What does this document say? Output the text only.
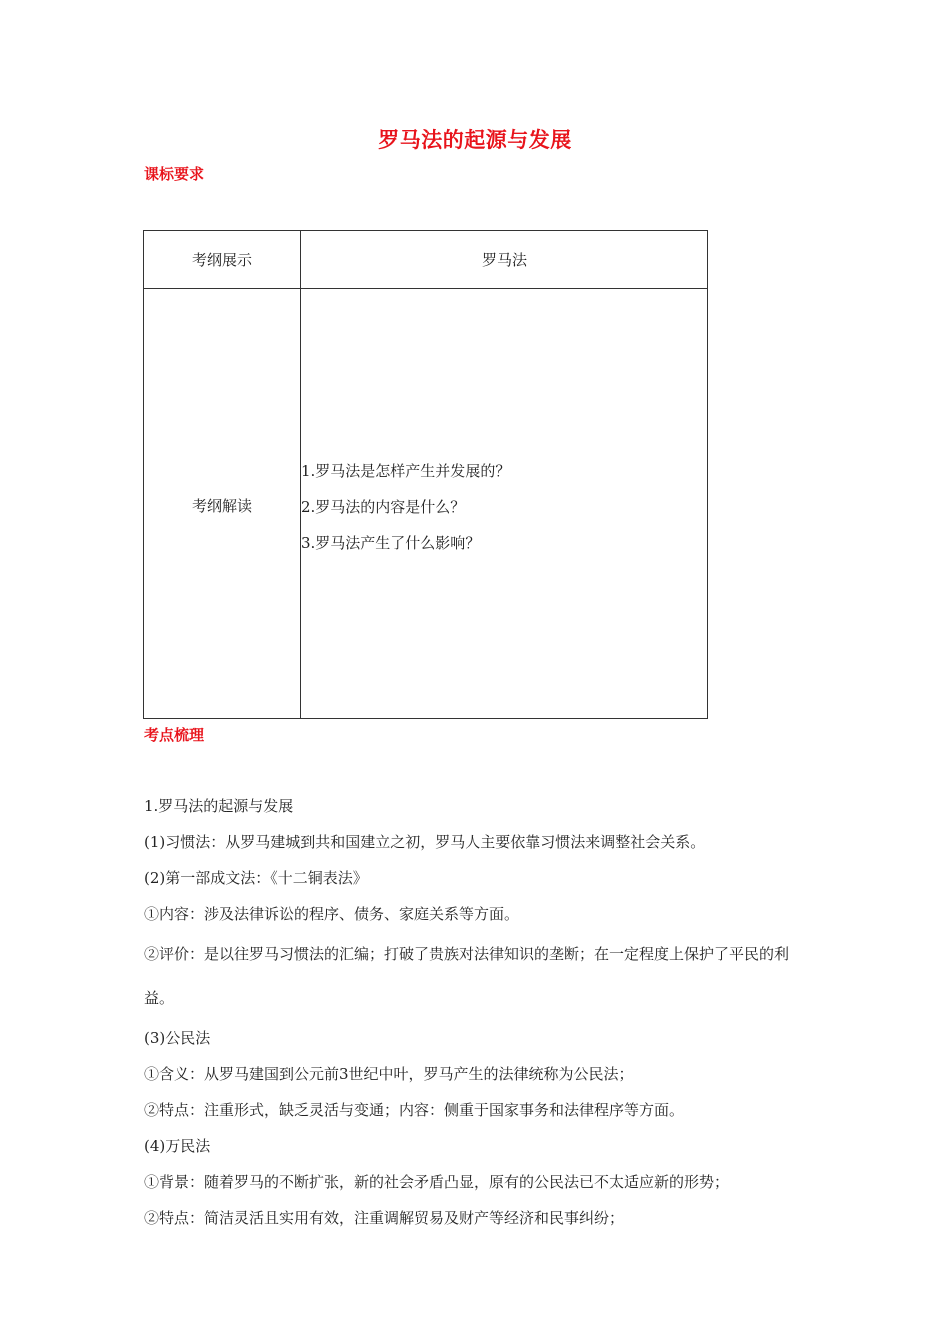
罗马法的起源与发展
课标要求
考纲展示	罗马法
考纲解读
1.罗马法是怎样产生并发展的？
2.罗马法的内容是什么？
3.罗马法产生了什么影响？
考点梳理

1.罗马法的起源与发展

(1)习惯法：从罗马建城到共和国建立之初，罗马人主要依靠习惯法来调整社会关系。

(2)第一部成文法：《十二铜表法》

①内容：涉及法律诉讼的程序、债务、家庭关系等方面。

②评价：是以往罗马习惯法的汇编；打破了贵族对法律知识的垄断；在一定程度上保护了平民的利益。

(3)公民法

①含义：从罗马建国到公元前3世纪中叶，罗马产生的法律统称为公民法；

②特点：注重形式，缺乏灵活与变通；内容：侧重于国家事务和法律程序等方面。

(4)万民法

①背景：随着罗马的不断扩张，新的社会矛盾凸显，原有的公民法已不太适应新的形势；

②特点：简洁灵活且实用有效，注重调解贸易及财产等经济和民事纠纷；
